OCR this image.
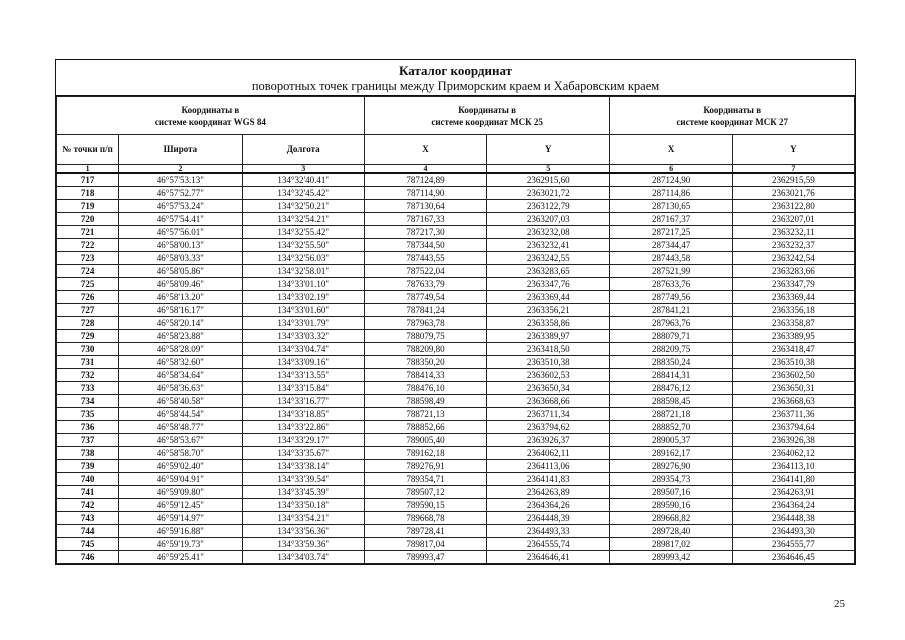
Каталог координат
поворотных точек границы между Приморским краем и Хабаровским краем
Координаты в
системе координат WGS 84			Координаты в
системе координат МСК 25		Координаты в
системе координат МСК 27	

№ точки п/п	Широта	Долгота	X	Y	X	Y
1	2	3	4	5	6	7
717	46°57'53.13"	134°32'40.41"	787124,89	2362915,60	287124,90	2362915,59
718	46°57'52.77"	134°32'45.42"	787114,90	2363021,72	287114,86	2363021,76
719	46°57'53.24"	134°32'50.21"	787130,64	2363122,79	287130,65	2363122,80
720	46°57'54.41"	134°32'54.21"	787167,33	2363207,03	287167,37	2363207,01
721	46°57'56.01"	134°32'55.42"	787217,30	2363232,08	287217,25	2363232,11
722	46°58'00.13"	134°32'55.50"	787344,50	2363232,41	287344,47	2363232,37
723	46°58'03.33"	134°32'56.03"	787443,55	2363242,55	287443,58	2363242,54
724	46°58'05.86"	134°32'58.01"	787522,04	2363283,65	287521,99	2363283,66
725	46°58'09.46"	134°33'01.10"	787633,79	2363347,76	287633,76	2363347,79
726	46°58'13.20"	134°33'02.19"	787749,54	2363369,44	287749,56	2363369,44
727	46°58'16.17"	134°33'01.60"	787841,24	2363356,21	287841,21	2363356,18
728	46°58'20.14"	134°33'01.79"	787963,78	2363358,86	287963,76	2363358,87
729	46°58'23.88"	134°33'03.32"	788079,75	2363389,97	288079,71	2363389,95
730	46°58'28.09"	134°33'04.74"	788209,80	2363418,50	288209,75	2363418,47
731	46°58'32.60"	134°33'09.16"	788350,20	2363510,38	288350,24	2363510,38
732	46°58'34.64"	134°33'13.55"	788414,33	2363602,53	288414,31	2363602,50
733	46°58'36.63"	134°33'15.84"	788476,10	2363650,34	288476,12	2363650,31
734	46°58'40.58"	134°33'16.77"	788598,49	2363668,66	288598,45	2363668,63
735	46°58'44.54"	134°33'18.85"	788721,13	2363711,34	288721,18	2363711,36
736	46°58'48.77"	134°33'22.86"	788852,66	2363794,62	288852,70	2363794,64
737	46°58'53.67"	134°33'29.17"	789005,40	2363926,37	289005,37	2363926,38
738	46°58'58.70"	134°33'35.67"	789162,18	2364062,11	289162,17	2364062,12
739	46°59'02.40"	134°33'38.14"	789276,91	2364113,06	289276,90	2364113,10
740	46°59'04.91"	134°33'39.54"	789354,71	2364141,83	289354,73	2364141,80
741	46°59'09.80"	134°33'45.39"	789507,12	2364263,89	289507,16	2364263,91
742	46°59'12.45"	134°33'50.18"	789590,15	2364364,26	289590,16	2364364,24
743	46°59'14.97"	134°33'54.21"	789668,78	2364448,39	289668,82	2364448,38
744	46°59'16.88"	134°33'56.36"	789728,41	2364493,33	289728,40	2364493,30
745	46°59'19.73"	134°33'59.36"	789817,04	2364555,74	289817,02	2364555,77
746	46°59'25.41"	134°34'03.74"	789993,47	2364646,41	289993,42	2364646,45
25
